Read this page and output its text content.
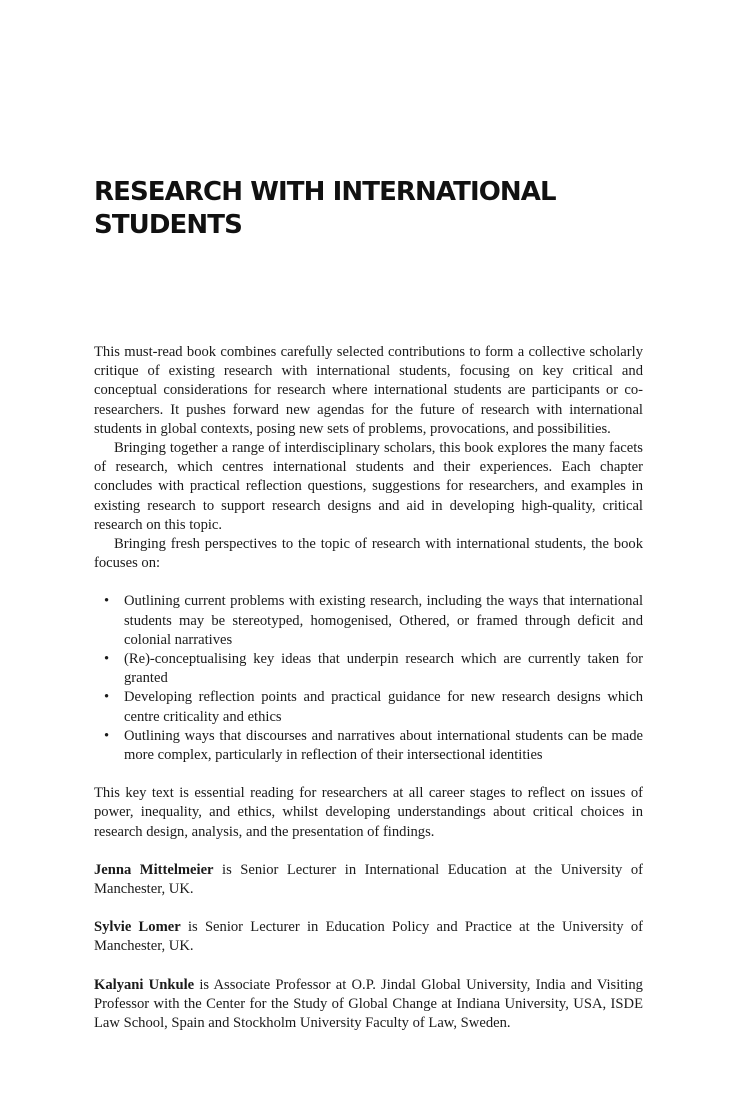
RESEARCH WITH INTERNATIONAL
STUDENTS

This must-read book combines carefully selected contributions to form a collective scholarly critique of existing research with international students, focusing on key critical and conceptual considerations for research where international students are participants or co-researchers. It pushes forward new agendas for the future of research with international students in global contexts, posing new sets of problems, provocations, and possibilities.

Bringing together a range of interdisciplinary scholars, this book explores the many facets of research, which centres international students and their experiences. Each chapter concludes with practical reflection questions, suggestions for researchers, and examples in existing research to support research designs and aid in developing high-quality, critical research on this topic.

Bringing fresh perspectives to the topic of research with international students, the book focuses on:

• Outlining current problems with existing research, including the ways that international students may be stereotyped, homogenised, Othered, or framed through deficit and colonial narratives
• (Re)-conceptualising key ideas that underpin research which are currently taken for granted
• Developing reflection points and practical guidance for new research designs which centre criticality and ethics
• Outlining ways that discourses and narratives about international students can be made more complex, particularly in reflection of their intersectional identities

This key text is essential reading for researchers at all career stages to reflect on issues of power, inequality, and ethics, whilst developing understandings about critical choices in research design, analysis, and the presentation of findings.

Jenna Mittelmeier is Senior Lecturer in International Education at the University of Manchester, UK.

Sylvie Lomer is Senior Lecturer in Education Policy and Practice at the University of Manchester, UK.

Kalyani Unkule is Associate Professor at O.P. Jindal Global University, India and Visiting Professor with the Center for the Study of Global Change at Indiana University, USA, ISDE Law School, Spain and Stockholm University Faculty of Law, Sweden.
